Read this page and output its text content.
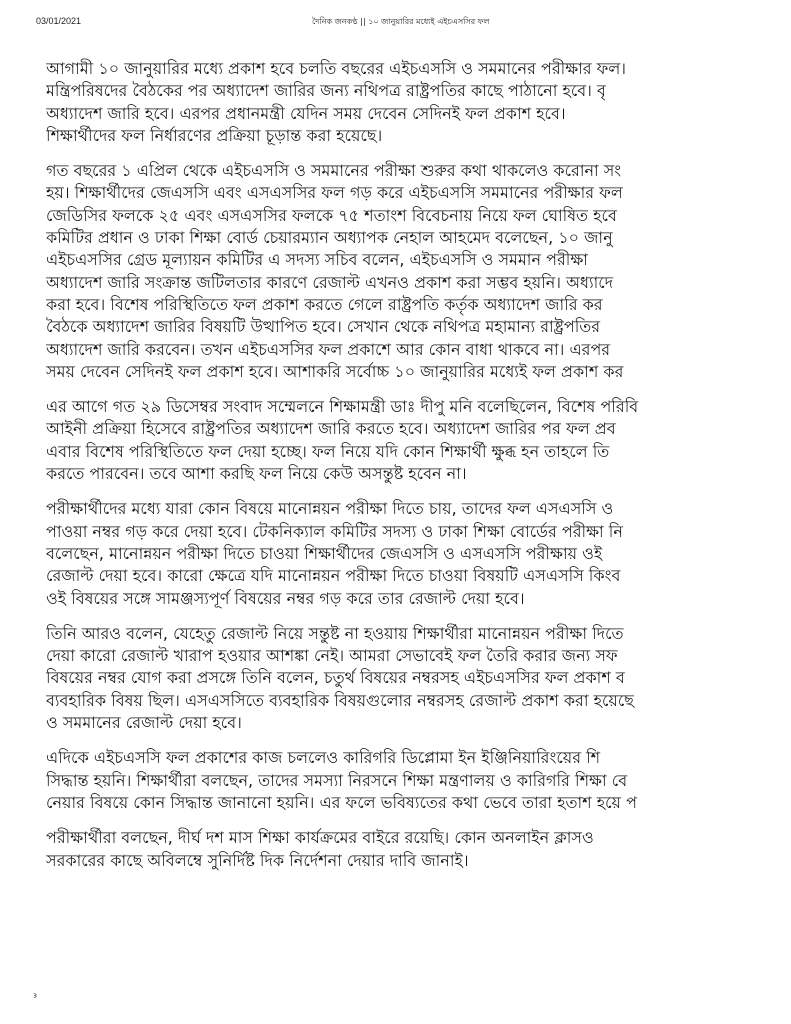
03/01/2021	দৈনিক জনকণ্ঠ || ১০ জানুয়ারির মধ্যেই এইচএসসির ফল
আগামী ১০ জানুয়ারির মধ্যে প্রকাশ হবে চলতি বছরের এইচএসসি ও সমমানের পরীক্ষার ফল।
মন্ত্রিপরিষদের বৈঠকের পর অধ্যাদেশ জারির জন্য নথিপত্র রাষ্ট্রপতির কাছে পাঠানো হবে। বৃ
অধ্যাদেশ জারি হবে। এরপর প্রধানমন্ত্রী যেদিন সময় দেবেন সেদিনই ফল প্রকাশ হবে।
শিক্ষার্থীদের ফল নির্ধারণের প্রক্রিয়া চূড়ান্ত করা হয়েছে।
গত বছরের ১ এপ্রিল থেকে এইচএসসি ও সমমানের পরীক্ষা শুরুর কথা থাকলেও করোনা সং
হয়। শিক্ষার্থীদের জেএসসি এবং এসএসসির ফল গড় করে এইচএসসি সমমানের পরীক্ষার ফল
জেডিসির ফলকে ২৫ এবং এসএসসির ফলকে ৭৫ শতাংশ বিবেচনায় নিয়ে ফল ঘোষিত হবে
কমিটির প্রধান ও ঢাকা শিক্ষা বোর্ড চেয়ারম্যান অধ্যাপক নেহাল আহমেদ বলেছেন, ১০ জানু
এইচএসসির গ্রেড মূল্যায়ন কমিটির এ সদস্য সচিব বলেন, এইচএসসি ও সমমান পরীক্ষা
অধ্যাদেশ জারি সংক্রান্ত জটিলতার কারণে রেজাল্ট এখনও প্রকাশ করা সম্ভব হয়নি। অধ্যাদে
করা হবে। বিশেষ পরিস্থিতিতে ফল প্রকাশ করতে গেলে রাষ্ট্রপতি কর্তৃক অধ্যাদেশ জারি কর
বৈঠকে অধ্যাদেশ জারির বিষয়টি উত্থাপিত হবে। সেখান থেকে নথিপত্র মহামান্য রাষ্ট্রপতির
অধ্যাদেশ জারি করবেন। তখন এইচএসসির ফল প্রকাশে আর কোন বাধা থাকবে না। এরপর
সময় দেবেন সেদিনই ফল প্রকাশ হবে। আশাকরি সর্বোচ্চ ১০ জানুয়ারির মধ্যেই ফল প্রকাশ কর
এর আগে গত ২৯ ডিসেম্বর সংবাদ সম্মেলনে শিক্ষামন্ত্রী ডাঃ দীপু মনি বলেছিলেন, বিশেষ পরিবি
আইনী প্রক্রিয়া হিসেবে রাষ্ট্রপতির অধ্যাদেশ জারি করতে হবে। অধ্যাদেশ জারির পর ফল প্রব
এবার বিশেষ পরিস্থিতিতে ফল দেয়া হচ্ছে। ফল নিয়ে যদি কোন শিক্ষার্থী ক্ষুব্ধ হন তাহলে তি
করতে পারবেন। তবে আশা করছি ফল নিয়ে কেউ অসন্তুষ্ট হবেন না।
পরীক্ষার্থীদের মধ্যে যারা কোন বিষয়ে মানোন্নয়ন পরীক্ষা দিতে চায়, তাদের ফল এসএসসি ও
পাওয়া নম্বর গড় করে দেয়া হবে। টেকনিক্যাল কমিটির সদস্য ও ঢাকা শিক্ষা বোর্ডের পরীক্ষা নি
বলেছেন, মানোন্নয়ন পরীক্ষা দিতে চাওয়া শিক্ষার্থীদের জেএসসি ও এসএসসি পরীক্ষায় ওই
রেজাল্ট দেয়া হবে। কারো ক্ষেত্রে যদি মানোন্নয়ন পরীক্ষা দিতে চাওয়া বিষয়টি এসএসসি কিংব
ওই বিষয়ের সঙ্গে সামঞ্জস্যপূর্ণ বিষয়ের নম্বর গড় করে তার রেজাল্ট দেয়া হবে।
তিনি আরও বলেন, যেহেতু রেজাল্ট নিয়ে সন্তুষ্ট না হওয়ায় শিক্ষার্থীরা মানোন্নয়ন পরীক্ষা দিতে
দেয়া কারো রেজাল্ট খারাপ হওয়ার আশঙ্কা নেই। আমরা সেভাবেই ফল তৈরি করার জন্য সফ
বিষয়ের নম্বর যোগ করা প্রসঙ্গে তিনি বলেন, চতুর্থ বিষয়ের নম্বরসহ এইচএসসির ফল প্রকাশ ব
ব্যবহারিক বিষয় ছিল। এসএসসিতে ব্যবহারিক বিষয়গুলোর নম্বরসহ রেজাল্ট প্রকাশ করা হয়েছে
ও সমমানের রেজাল্ট দেয়া হবে।
এদিকে এইচএসসি ফল প্রকাশের কাজ চললেও কারিগরি ডিপ্লোমা ইন ইঞ্জিনিয়ারিংয়ের শি
সিদ্ধান্ত হয়নি। শিক্ষার্থীরা বলছেন, তাদের সমস্যা নিরসনে শিক্ষা মন্ত্রণালয় ও কারিগরি শিক্ষা বে
নেয়ার বিষয়ে কোন সিদ্ধান্ত জানানো হয়নি। এর ফলে ভবিষ্যতের কথা ভেবে তারা হতাশ হয়ে প
পরীক্ষার্থীরা বলছেন, দীর্ঘ দশ মাস শিক্ষা কার্যক্রমের বাইরে রয়েছি। কোন অনলাইন ক্লাসও
সরকারের কাছে অবিলম্বে সুনির্দিষ্ট দিক নির্দেশনা দেয়ার দাবি জানাই।
³
